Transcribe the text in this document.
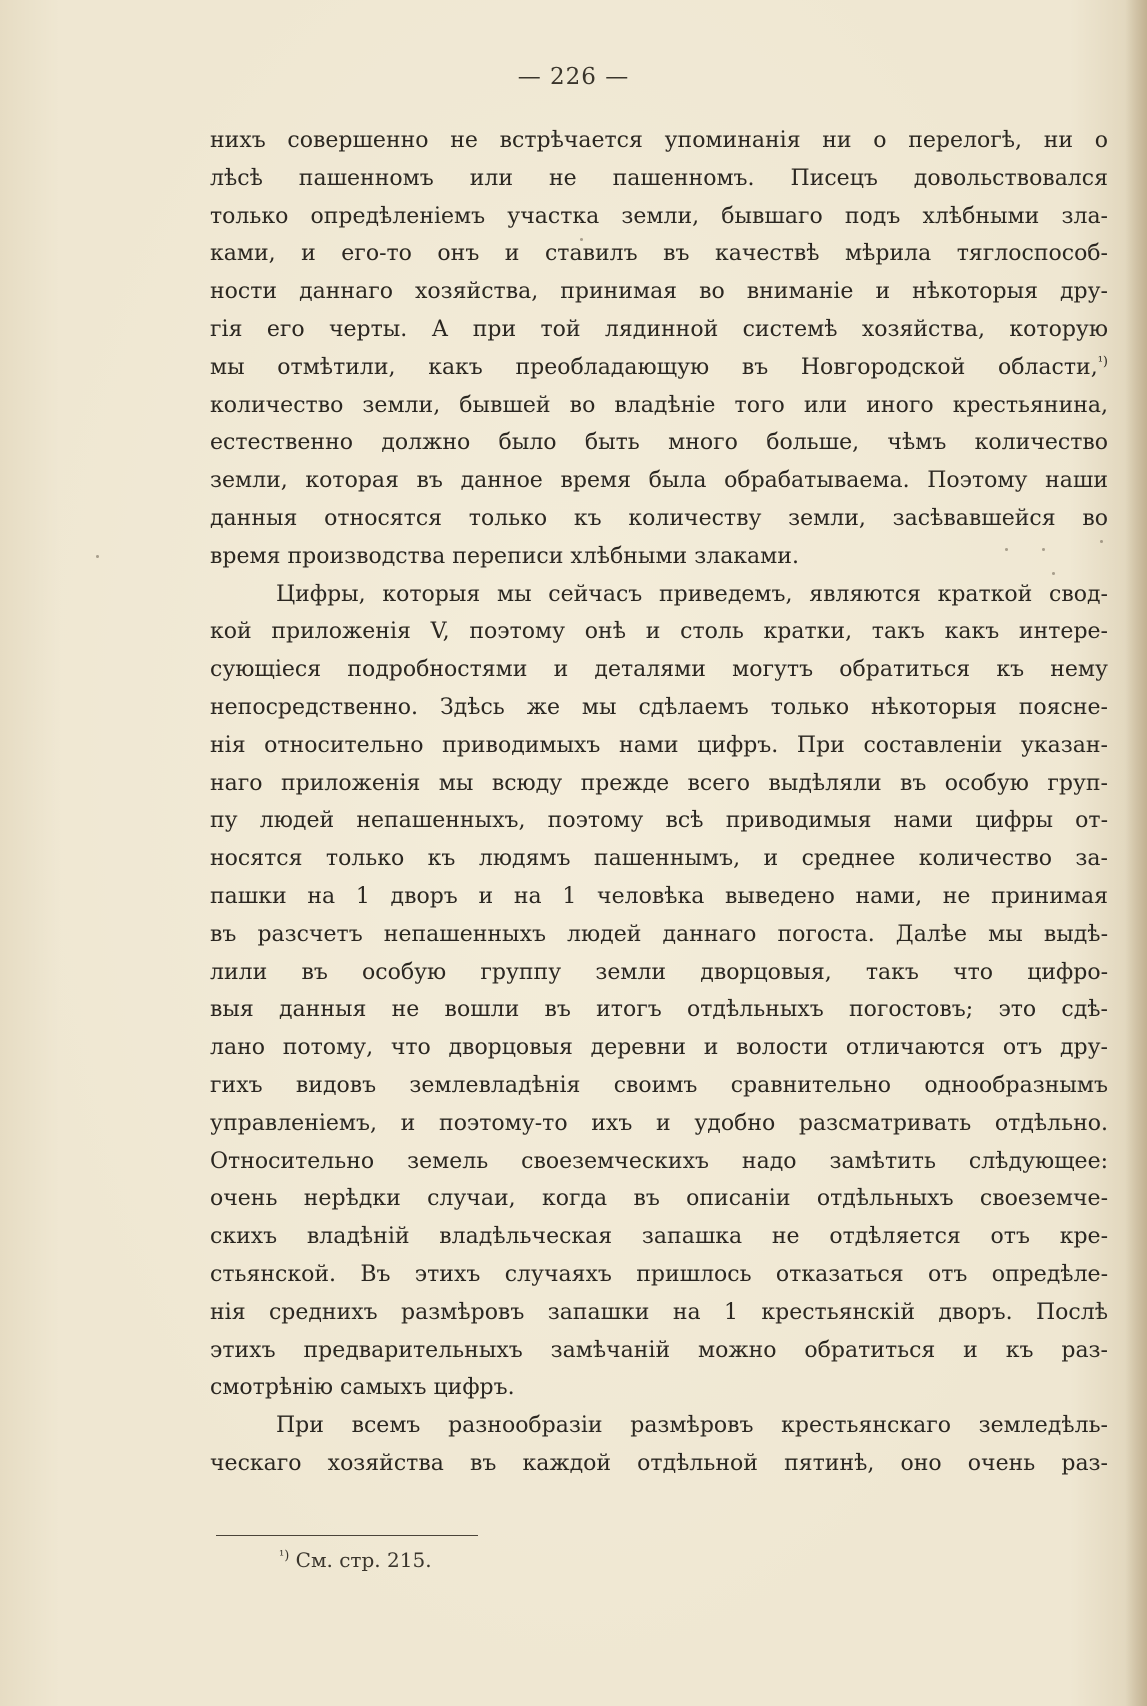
— 226 —
нихъ совершенно не встрѣчается упоминанія ни о перелогѣ, ни о
лѣсѣ пашенномъ или не пашенномъ. Писецъ довольствовался
только опредѣленіемъ участка земли, бывшаго подъ хлѣбными зла-
ками, и его-то онъ и ставилъ въ качествѣ мѣрила тяглоспособ-
ности даннаго хозяйства, принимая во вниманіе и нѣкоторыя дру-
гія его черты. А при той лядинной системѣ хозяйства, которую
мы отмѣтили, какъ преобладающую въ Новгородской области,$^{^1)}$
количество земли, бывшей во владѣніе того или иного крестьянина,
естественно должно было быть много больше, чѣмъ количество
земли, которая въ данное время была обрабатываема. Поэтому наши
данныя относятся только къ количеству земли, засѣвавшейся во
время производства переписи хлѣбными злаками.
Цифры, которыя мы сейчасъ приведемъ, являются краткой свод-
кой приложенія V, поэтому онѣ и столь кратки, такъ какъ интере-
сующіеся подробностями и деталями могутъ обратиться къ нему
непосредственно. Здѣсь же мы сдѣлаемъ только нѣкоторыя поясне-
нія относительно приводимыхъ нами цифръ. При составленіи указан-
наго приложенія мы всюду прежде всего выдѣляли въ особую груп-
пу людей непашенныхъ, поэтому всѣ приводимыя нами цифры от-
носятся только къ людямъ пашеннымъ, и среднее количество за-
пашки на 1 дворъ и на 1 человѣка выведено нами, не принимая
въ разсчетъ непашенныхъ людей даннаго погоста. Далѣе мы выдѣ-
лили въ особую группу земли дворцовыя, такъ что цифро-
выя данныя не вошли въ итогъ отдѣльныхъ погостовъ; это сдѣ-
лано потому, что дворцовыя деревни и волости отличаются отъ дру-
гихъ видовъ землевладѣнія своимъ сравнительно однообразнымъ
управленіемъ, и поэтому-то ихъ и удобно разсматривать отдѣльно.
Относительно земель своеземческихъ надо замѣтить слѣдующее:
очень нерѣдки случаи, когда въ описаніи отдѣльныхъ своеземче-
скихъ владѣній владѣльческая запашка не отдѣляется отъ кре-
стьянской. Въ этихъ случаяхъ пришлось отказаться отъ опредѣле-
нія среднихъ размѣровъ запашки на 1 крестьянскій дворъ. Послѣ
этихъ предварительныхъ замѣчаній можно обратиться и къ раз-
смотрѣнію самыхъ цифръ.
При всемъ разнообразіи размѣровъ крестьянскаго земледѣль-
ческаго хозяйства въ каждой отдѣльной пятинѣ, оно очень раз-
$^{^1)}$ См. стр. 215.
